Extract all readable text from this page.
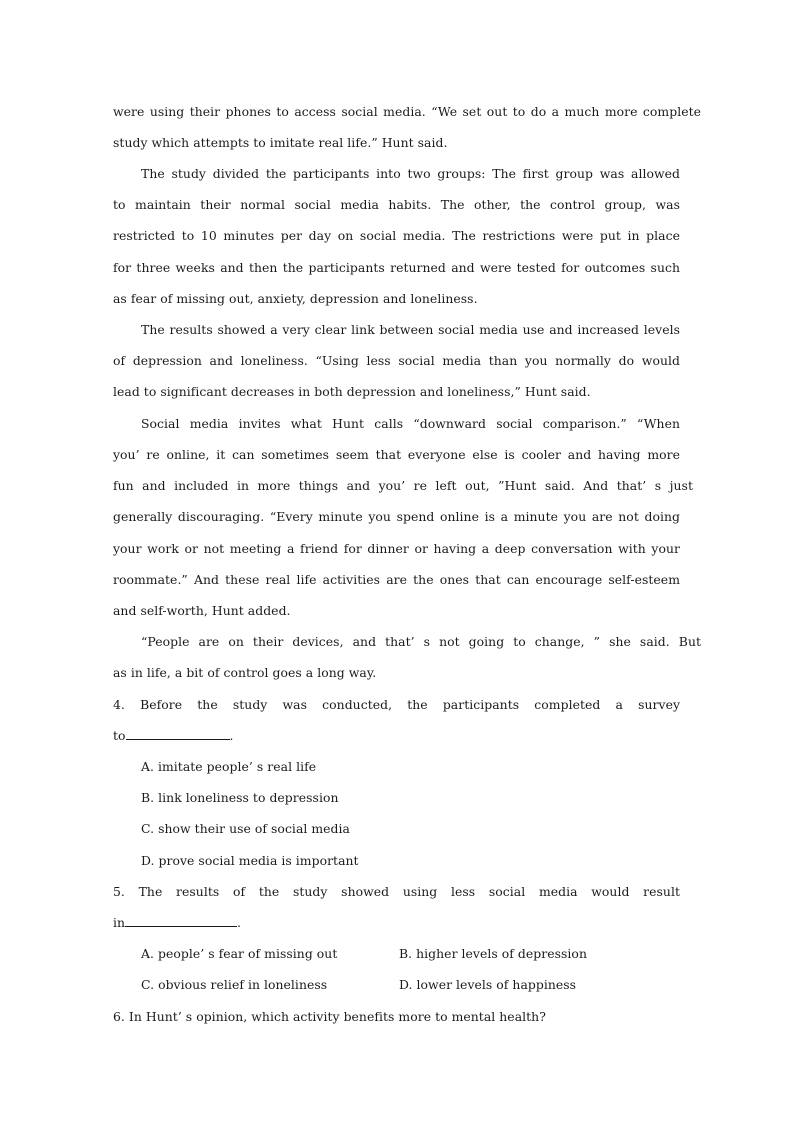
were using their phones to access social media. “We set out to do a much more complete
study which attempts to imitate real life.” Hunt said.
The study divided the participants into two groups: The first group was allowed
to maintain their normal social media habits. The other, the control group, was
restricted to 10 minutes per day on social media. The restrictions were put in place
for three weeks and then the participants returned and were tested for outcomes such
as fear of missing out, anxiety, depression and loneliness.
The results showed a very clear link between social media use and increased levels
of depression and loneliness. “Using less social media than you normally do would
lead to significant decreases in both depression and loneliness,” Hunt said.
Social media invites what Hunt calls “downward social comparison.” “When
you’ re online, it can sometimes seem that everyone else is cooler and having more
fun and included in more things and you’ re left out, ”Hunt said. And that’ s just
generally discouraging. “Every minute you spend online is a minute you are not doing
your work or not meeting a friend for dinner or having a deep conversation with your
roommate.” And these real life activities are the ones that can encourage self-esteem
and self-worth, Hunt added.
“People are on their devices, and that’ s not going to change, ” she said. But
as in life, a bit of control goes a long way.
4. Before the study was conducted, the participants completed a survey
to	.
A. imitate people’ s real life
B. link loneliness to depression
C. show their use of social media
D. prove social media is important
5. The results of the study showed using less social media would result
in	.
A. people’ s fear of missing out	B. higher levels of depression
C. obvious relief in loneliness	D. lower levels of happiness
6. In Hunt’ s opinion, which activity benefits more to mental health?
